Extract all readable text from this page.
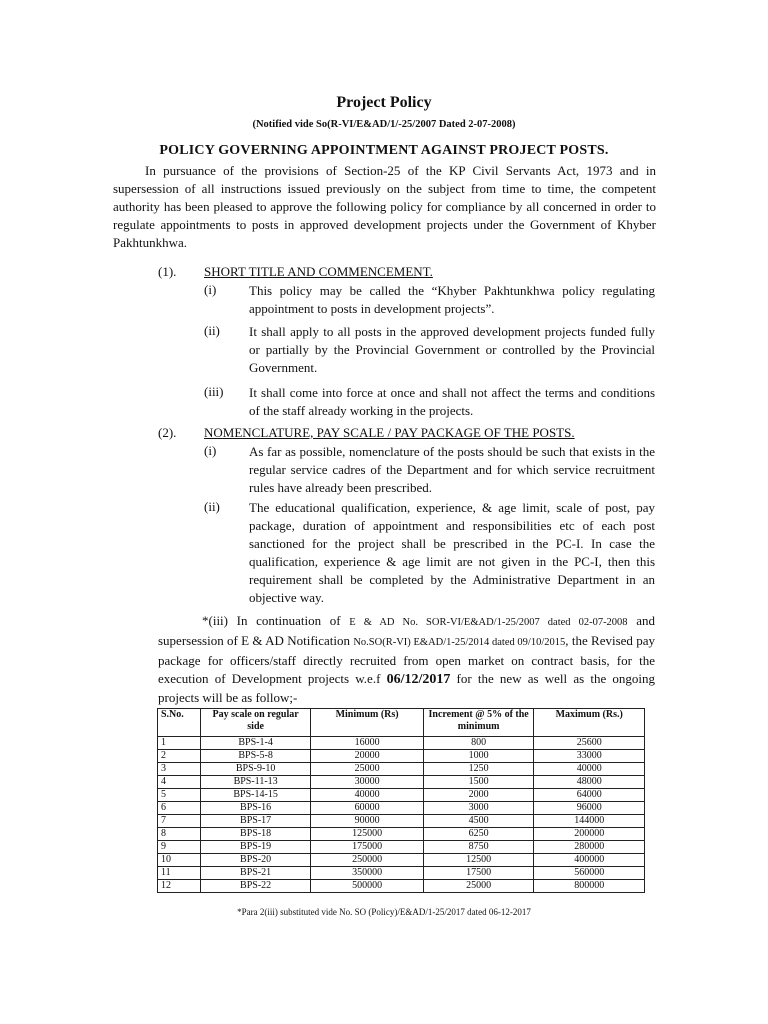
Project Policy
(Notified vide So(R-VI/E&AD/1/-25/2007 Dated 2-07-2008)
POLICY GOVERNING APPOINTMENT AGAINST PROJECT POSTS.
In pursuance of the provisions of Section-25 of the KP Civil Servants Act, 1973 and in supersession of all instructions issued previously on the subject from time to time, the competent authority has been pleased to approve the following policy for compliance by all concerned in order to regulate appointments to posts in approved development projects under the Government of Khyber Pakhtunkhwa.
(1). SHORT TITLE AND COMMENCEMENT.
(i)	This policy may be called the “Khyber Pakhtunkhwa policy regulating appointment to posts in development projects”.
(ii) It shall apply to all posts in the approved development projects funded fully or partially by the Provincial Government or controlled by the Provincial Government.
(iii) It shall come into force at once and shall not affect the terms and conditions of the staff already working in the projects.
(2). NOMENCLATURE, PAY SCALE / PAY PACKAGE OF THE POSTS.
(i)	As far as possible, nomenclature of the posts should be such that exists in the regular service cadres of the Department and for which service recruitment rules have already been prescribed.
(ii) The educational qualification, experience, & age limit, scale of post, pay package, duration of appointment and responsibilities etc of each post sanctioned for the project shall be prescribed in the PC-I. In case the qualification, experience & age limit are not given in the PC-I, then this requirement shall be completed by the Administrative Department in an objective way.
*(iii) In continuation of E & AD No. SOR-VI/E&AD/1-25/2007 dated 02-07-2008 and supersession of E & AD Notification No.SO(R-VI) E&AD/1-25/2014 dated 09/10/2015, the Revised pay package for officers/staff directly recruited from open market on contract basis, for the execution of Development projects w.e.f 06/12/2017 for the new as well as the ongoing projects will be as follow;-
S.No.	Pay scale on regular side	Minimum (Rs)	Increment @ 5% of the minimum	Maximum (Rs.)
1	BPS-1-4	16000	800	25600
2	BPS-5-8	20000	1000	33000
3	BPS-9-10	25000	1250	40000
4	BPS-11-13	30000	1500	48000
5	BPS-14-15	40000	2000	64000
6	BPS-16	60000	3000	96000
7	BPS-17	90000	4500	144000
8	BPS-18	125000	6250	200000
9	BPS-19	175000	8750	280000
10	BPS-20	250000	12500	400000
11	BPS-21	350000	17500	560000
12	BPS-22	500000	25000	800000
*Para 2(iii) substituted vide No. SO (Policy)/E&AD/1-25/2017 dated 06-12-2017
